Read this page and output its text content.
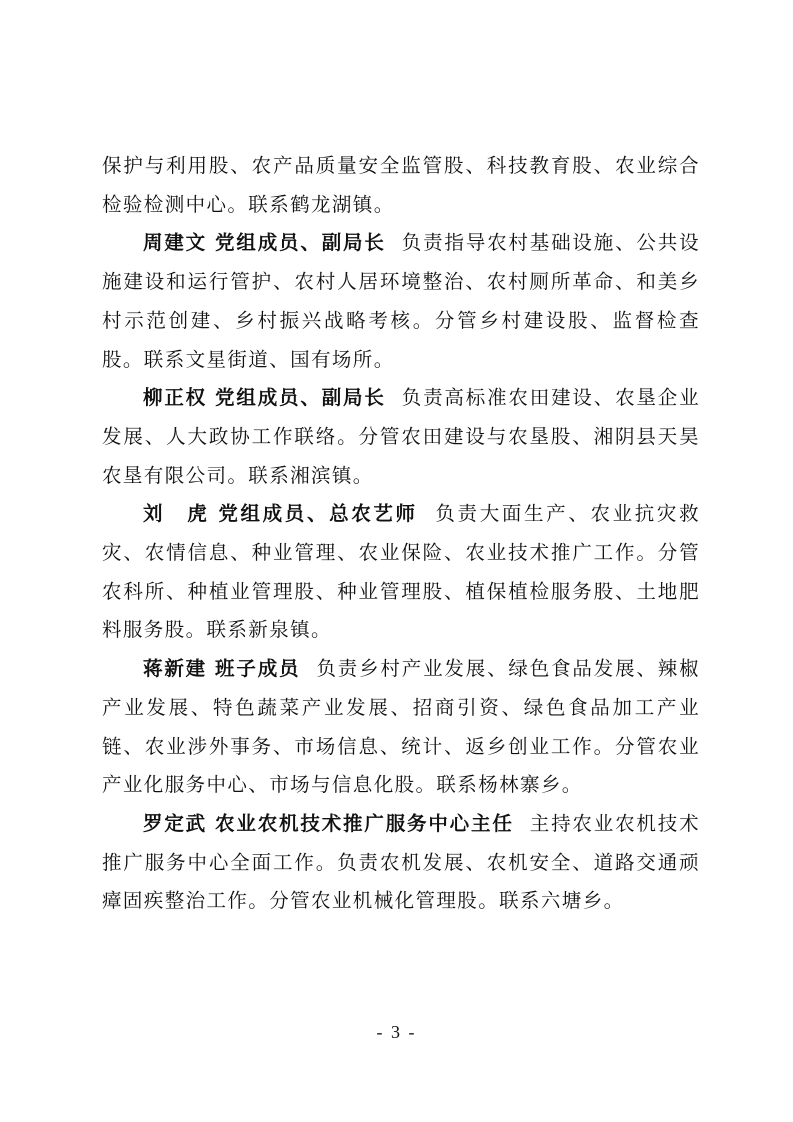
保护与利用股、农产品质量安全监管股、科技教育股、农业综合检验检测中心。联系鹤龙湖镇。

周建文 党组成员、副局长 负责指导农村基础设施、公共设施建设和运行管护、农村人居环境整治、农村厕所革命、和美乡村示范创建、乡村振兴战略考核。分管乡村建设股、监督检查股。联系文星街道、国有场所。

柳正权 党组成员、副局长 负责高标准农田建设、农垦企业发展、人大政协工作联络。分管农田建设与农垦股、湘阴县天昊农垦有限公司。联系湘滨镇。

刘　虎 党组成员、总农艺师 负责大面生产、农业抗灾救灾、农情信息、种业管理、农业保险、农业技术推广工作。分管农科所、种植业管理股、种业管理股、植保植检服务股、土地肥料服务股。联系新泉镇。

蒋新建 班子成员 负责乡村产业发展、绿色食品发展、辣椒产业发展、特色蔬菜产业发展、招商引资、绿色食品加工产业链、农业涉外事务、市场信息、统计、返乡创业工作。分管农业产业化服务中心、市场与信息化股。联系杨林寨乡。

罗定武 农业农机技术推广服务中心主任 主持农业农机技术推广服务中心全面工作。负责农机发展、农机安全、道路交通顽瘴固疾整治工作。分管农业机械化管理股。联系六塘乡。

- 3 -
